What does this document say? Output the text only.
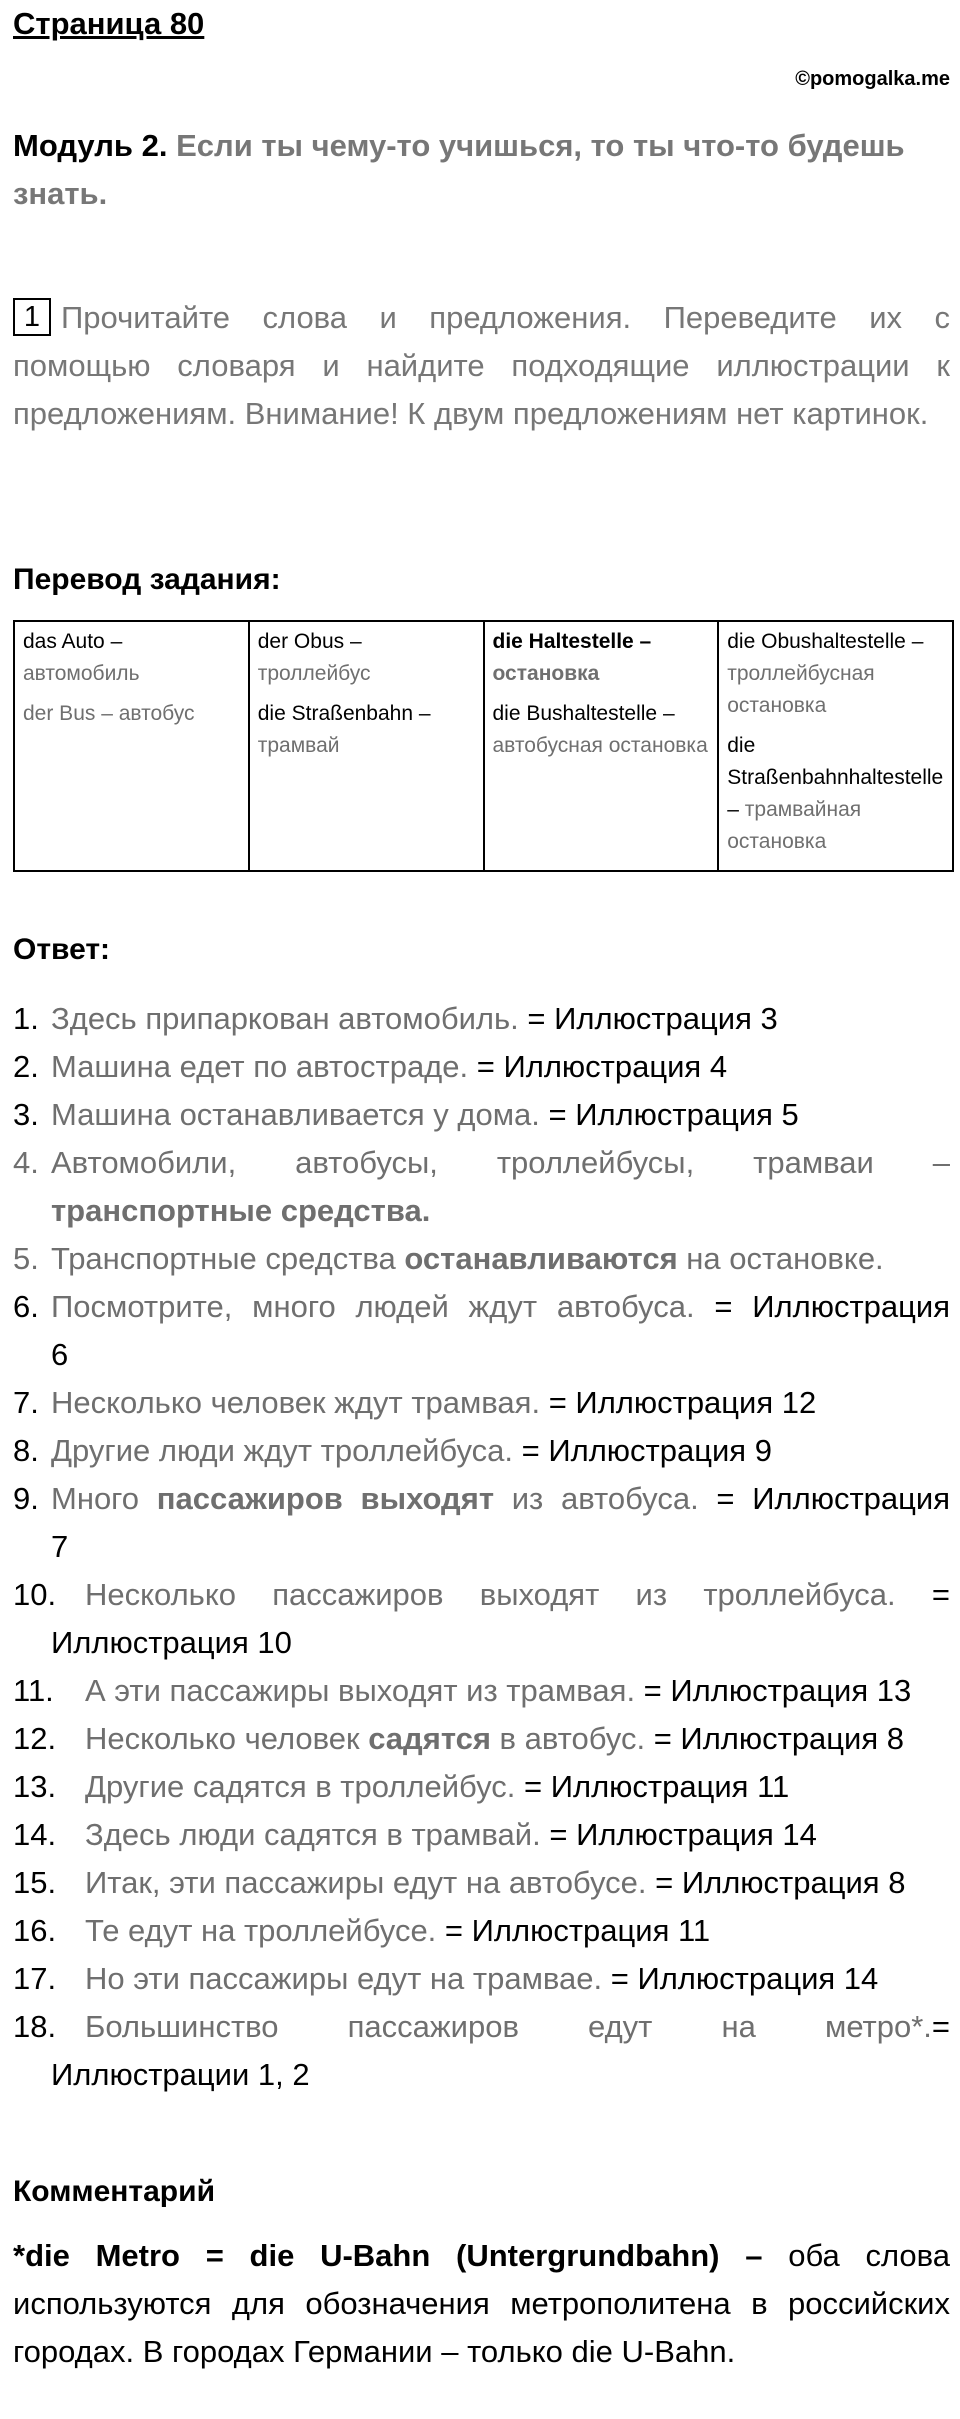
Страница 80
©pomogalka.me
Модуль 2. Если ты чему-то учишься, то ты что-то будешь знать.
1 Прочитайте слова и предложения. Переведите их с помощью словаря и найдите подходящие иллюстрации к предложениям. Внимание! К двум предложениям нет картинок.
Перевод задания:
das Auto –
автомобиль
der Bus – автобус

der Obus –
троллейбус
die Straßenbahn –
трамвай

die Haltestelle –
остановка
die Bushaltestelle –
автобусная остановка

die Obushaltestelle –
троллейбусная остановка
die Straßenbahnhaltestelle
– трамвайная остановка
Ответ:
1. Здесь припаркован автомобиль. = Иллюстрация 3
2. Машина едет по автостраде. = Иллюстрация 4
3. Машина останавливается у дома. = Иллюстрация 5
4. Автомобили, автобусы, троллейбусы, трамваи –
транспортные средства.
5. Транспортные средства останавливаются на остановке.
6. Посмотрите, много людей ждут автобуса. = Иллюстрация
6
7. Несколько человек ждут трамвая. = Иллюстрация 12
8. Другие люди ждут троллейбуса. = Иллюстрация 9
9. Много пассажиров выходят из автобуса. = Иллюстрация
7
10. Несколько пассажиров выходят из троллейбуса. =
Иллюстрация 10
11.	А эти пассажиры выходят из трамвая. = Иллюстрация 13
12. Несколько человек садятся в автобус. = Иллюстрация 8
13. Другие садятся в троллейбус. = Иллюстрация 11
14. Здесь люди садятся в трамвай. = Иллюстрация 14
15. Итак, эти пассажиры едут на автобусе. = Иллюстрация 8
16. Те едут на троллейбусе. = Иллюстрация 11
17. Но эти пассажиры едут на трамвае. = Иллюстрация 14
18. Большинство пассажиров едут на метро*.=
Иллюстрации 1, 2
Комментарий
*die Metro = die U-Bahn (Untergrundbahn) – оба слова используются для обозначения метрополитена в российских городах. В городах Германии – только die U-Bahn.
